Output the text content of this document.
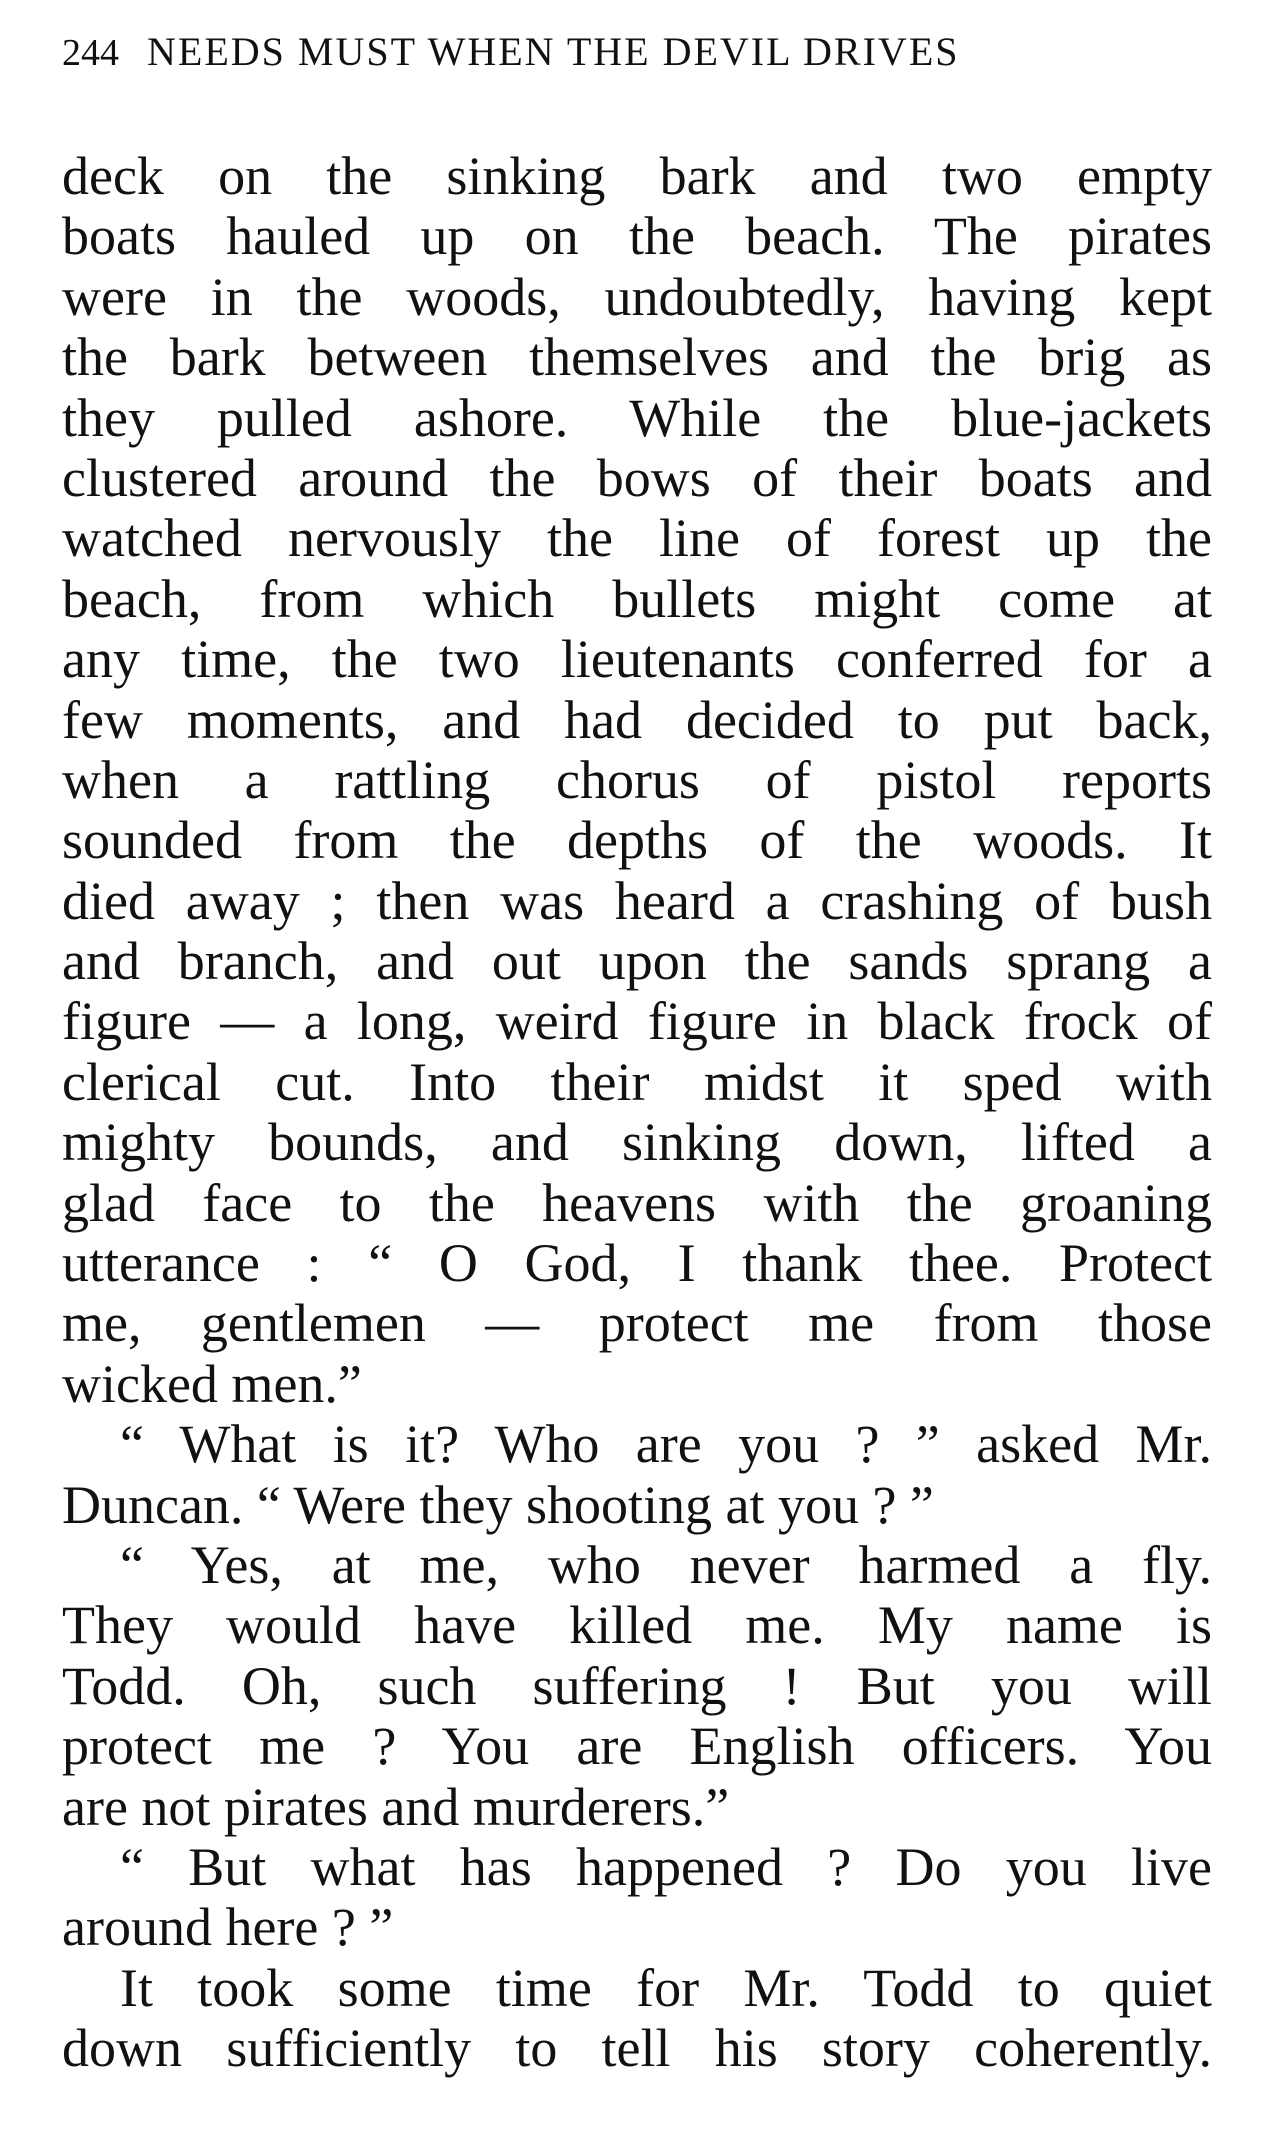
244 NEEDS MUST WHEN THE DEVIL DRIVES
deck on the sinking bark and two empty
boats hauled up on the beach. The pirates
were in the woods, undoubtedly, having kept
the bark between themselves and the brig as
they pulled ashore. While the blue-jackets
clustered around the bows of their boats and
watched nervously the line of forest up the
beach, from which bullets might come at
any time, the two lieutenants conferred for a
few moments, and had decided to put back,
when a rattling chorus of pistol reports
sounded from the depths of the woods. It
died away ; then was heard a crashing of bush
and branch, and out upon the sands sprang a
figure — a long, weird figure in black frock of
clerical cut. Into their midst it sped with
mighty bounds, and sinking down, lifted a
glad face to the heavens with the groaning
utterance : “ O God, I thank thee. Protect
me, gentlemen — protect me from those
wicked men.”
“ What is it? Who are you ? ” asked Mr.
Duncan. “ Were they shooting at you ? ”
“ Yes, at me, who never harmed a fly.
They would have killed me. My name is
Todd. Oh, such suffering ! But you will
protect me ? You are English officers. You
are not pirates and murderers.”
“ But what has happened ? Do you live
around here ? ”
It took some time for Mr. Todd to quiet
down sufficiently to tell his story coherently.
